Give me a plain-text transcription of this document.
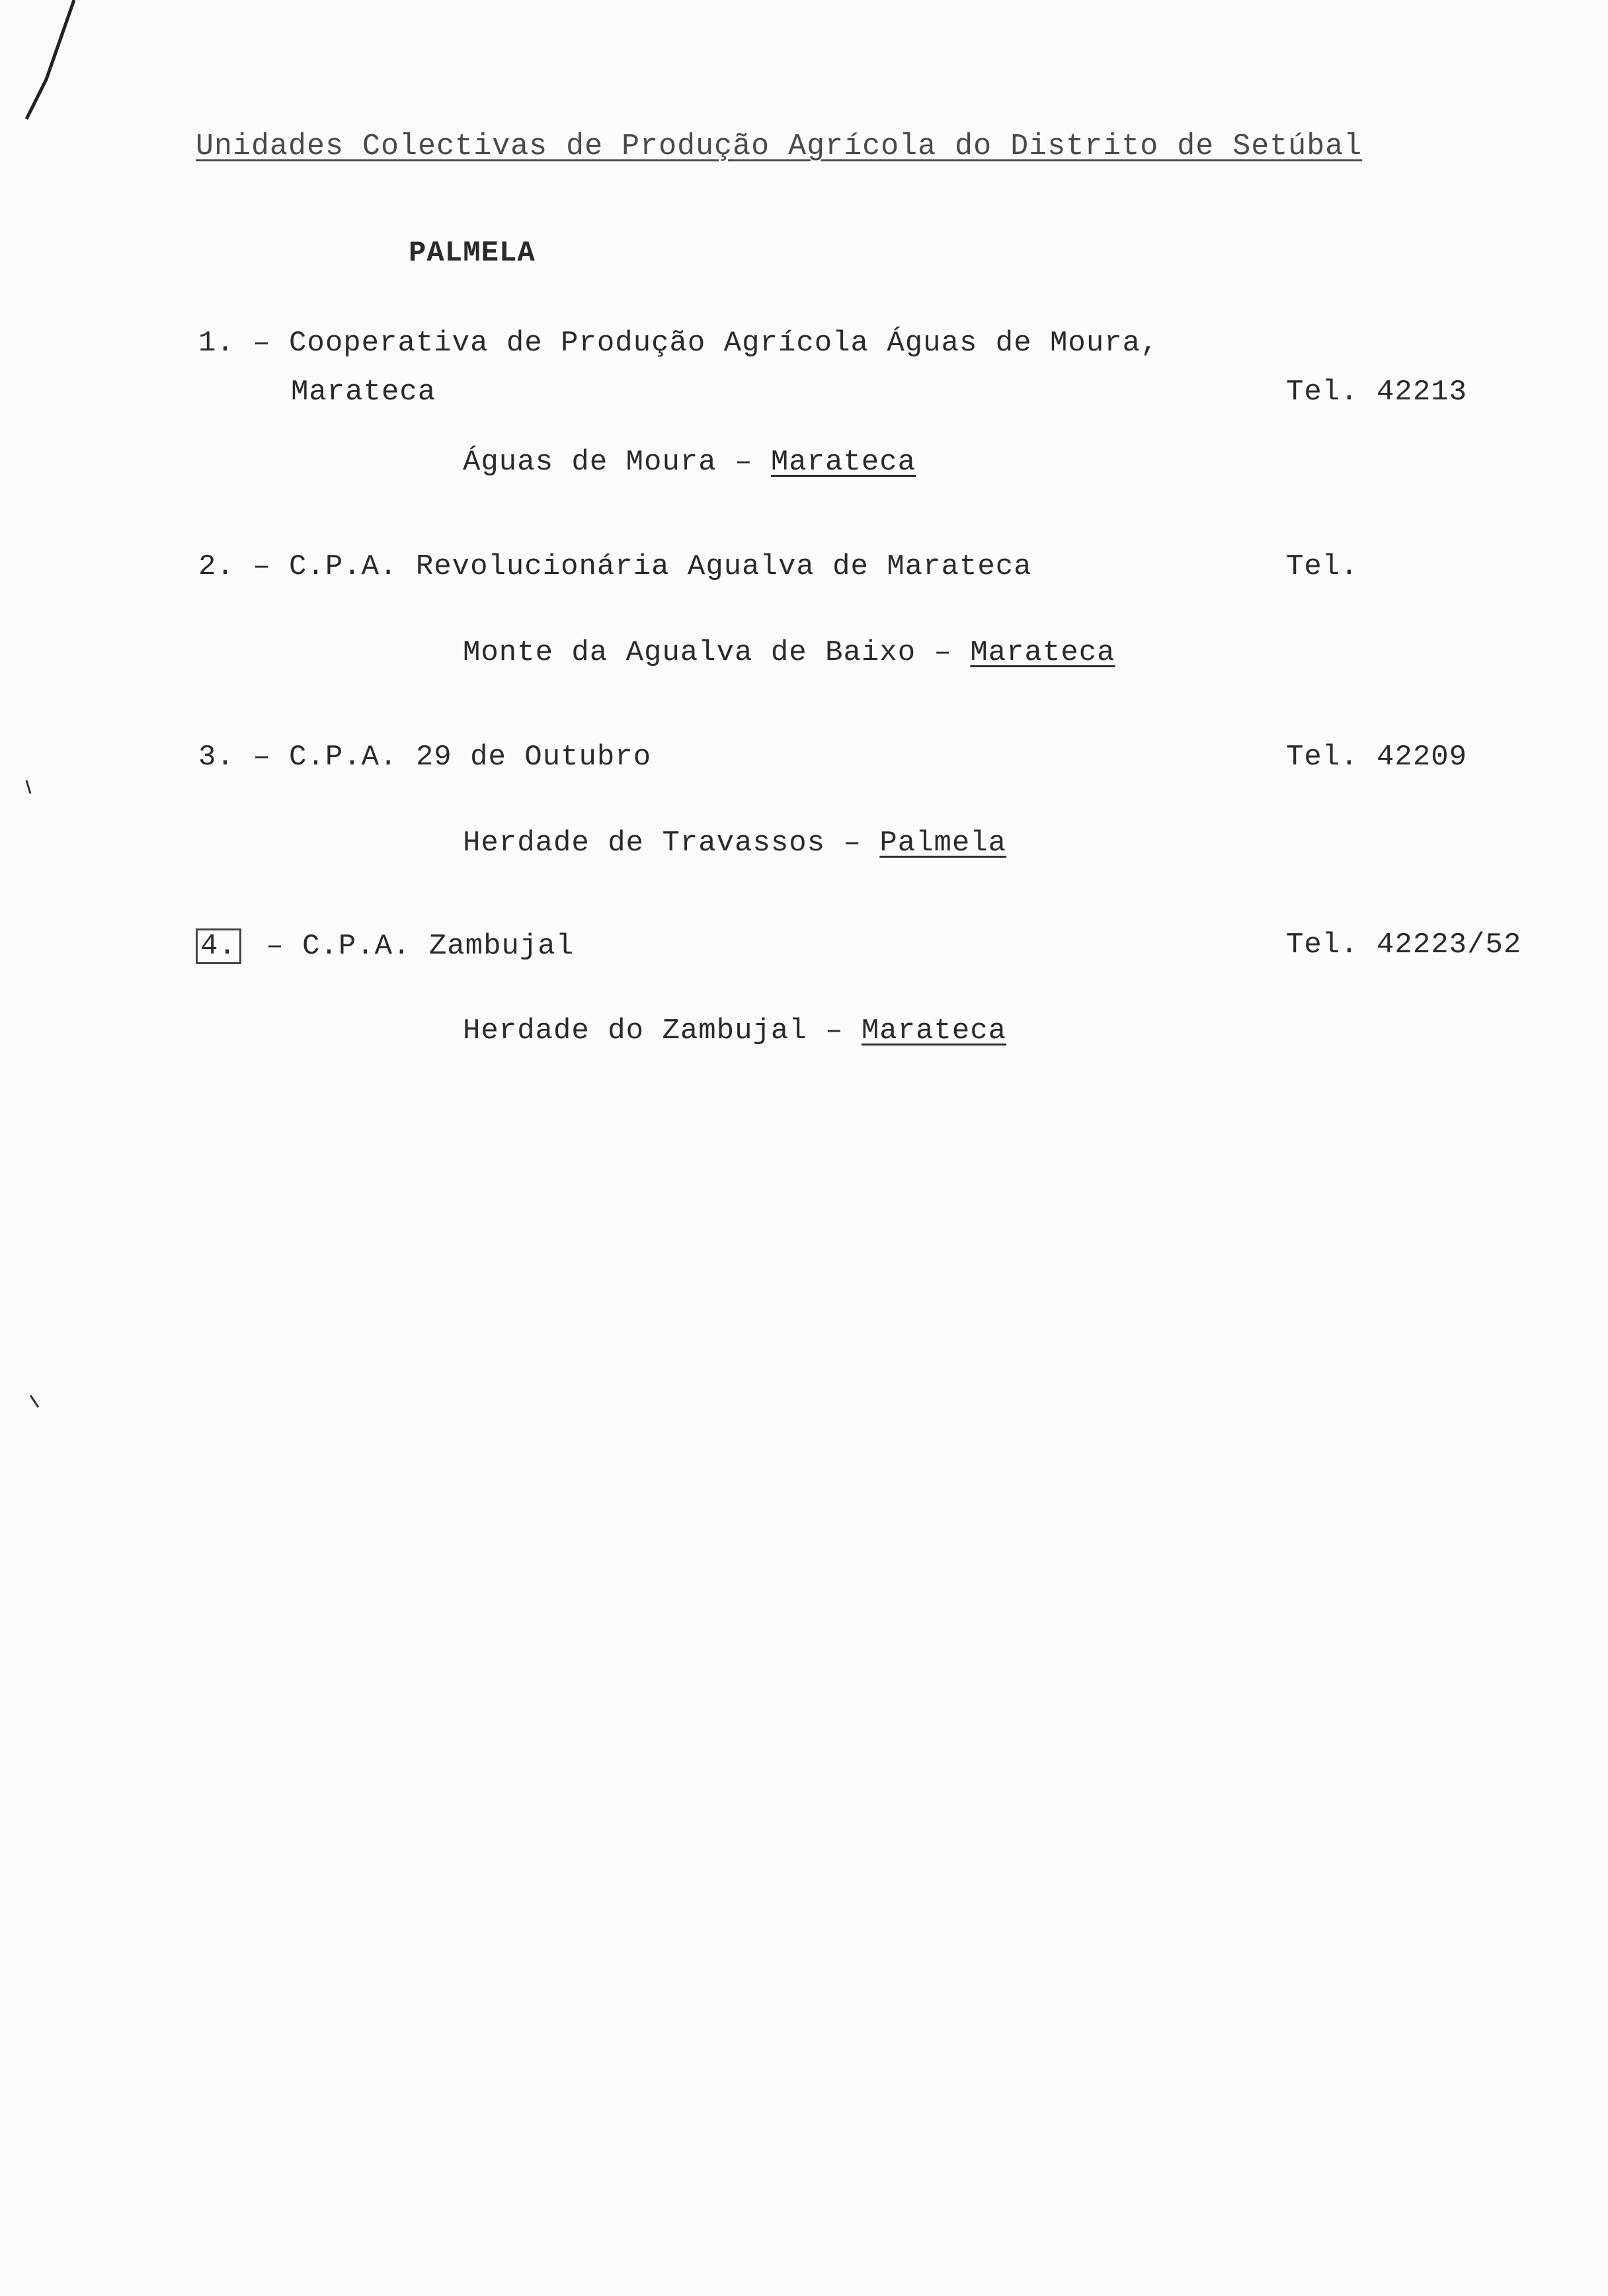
Unidades Colectivas de Produção Agrícola do Distrito de Setúbal
PALMELA
1. – Cooperativa de Produção Agrícola Águas de Moura,
Marateca	Tel. 42213
Águas de Moura – Marateca
2. – C.P.A. Revolucionária Agualva de Marateca	Tel.
Monte da Agualva de Baixo – Marateca
3. – C.P.A. 29 de Outubro	Tel. 42209
Herdade de Travassos – Palmela
4. – C.P.A. Zambujal	Tel. 42223/52
Herdade do Zambujal – Marateca
